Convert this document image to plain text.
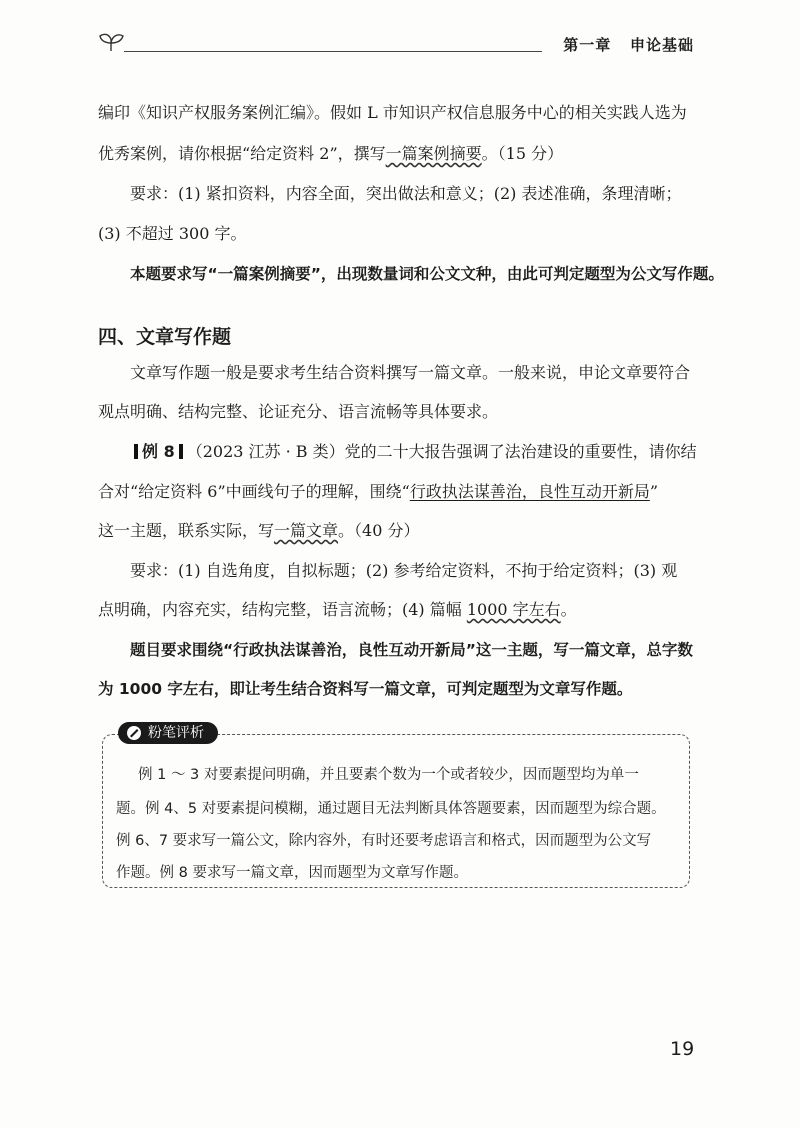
第一章 申论基础
编印《知识产权服务案例汇编》。假如 L 市知识产权信息服务中心的相关实践人选为
优秀案例，请你根据“给定资料 2”，撰写一篇案例摘要。（15 分）
要求：(1) 紧扣资料，内容全面，突出做法和意义；(2) 表述准确，条理清晰；
(3) 不超过 300 字。
本题要求写“一篇案例摘要”，出现数量词和公文文种，由此可判定题型为公文写作题。
四、文章写作题
文章写作题一般是要求考生结合资料撰写一篇文章。一般来说，申论文章要符合
观点明确、结构完整、论证充分、语言流畅等具体要求。
例 8 （2023 江苏 · B 类）党的二十大报告强调了法治建设的重要性，请你结
合对“给定资料 6”中画线句子的理解，围绕“行政执法谋善治，良性互动开新局”
这一主题，联系实际，写一篇文章。（40 分）
要求：(1) 自选角度，自拟标题；(2) 参考给定资料，不拘于给定资料；(3) 观
点明确，内容充实，结构完整，语言流畅；(4) 篇幅 1000 字左右。
题目要求围绕“行政执法谋善治，良性互动开新局”这一主题，写一篇文章，总字数
为 1000 字左右，即让考生结合资料写一篇文章，可判定题型为文章写作题。
粉笔评析
例 1 ～ 3 对要素提问明确，并且要素个数为一个或者较少，因而题型均为单一
题。例 4、5 对要素提问模糊，通过题目无法判断具体答题要素，因而题型为综合题。
例 6、7 要求写一篇公文，除内容外，有时还要考虑语言和格式，因而题型为公文写
作题。例 8 要求写一篇文章，因而题型为文章写作题。
19
